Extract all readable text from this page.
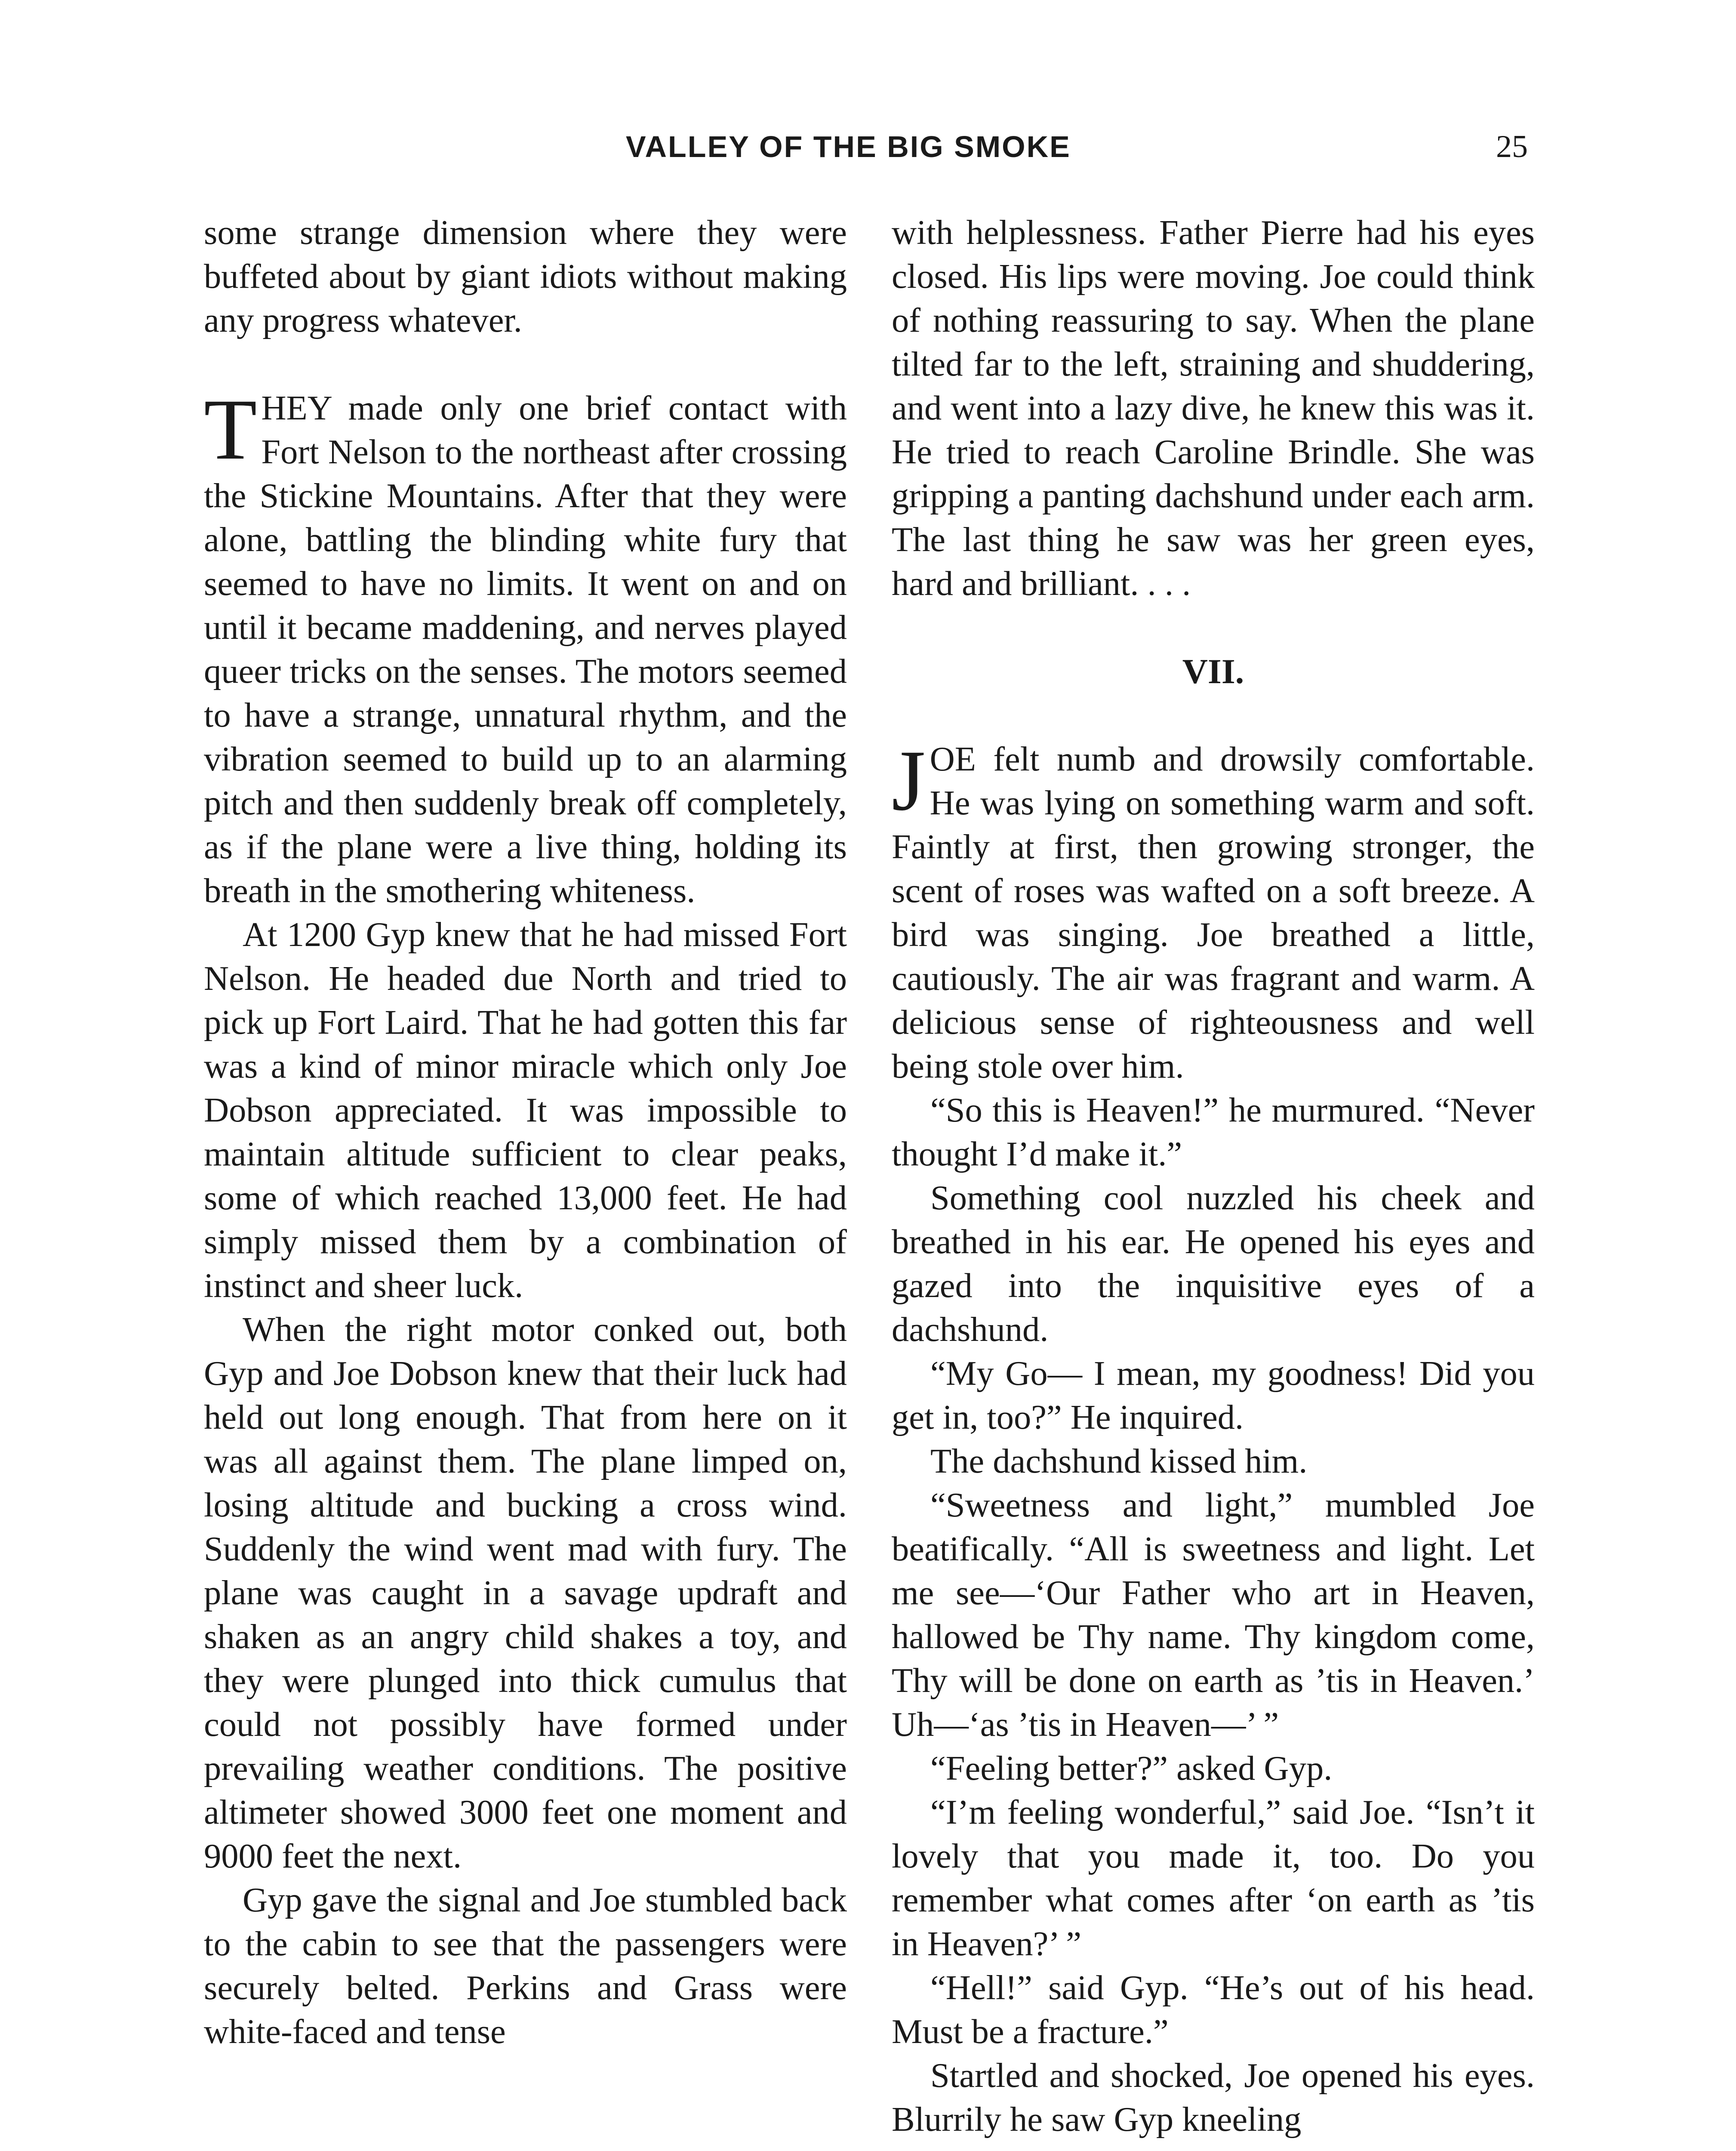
VALLEY OF THE BIG SMOKE	25

some strange dimension where they were buffeted about by giant idiots without making any progress whatever.

THEY made only one brief contact with Fort Nelson to the northeast after crossing the Stickine Mountains. After that they were alone, battling the blinding white fury that seemed to have no limits. It went on and on until it became maddening, and nerves played queer tricks on the senses. The motors seemed to have a strange, unnatural rhythm, and the vibration seemed to build up to an alarming pitch and then suddenly break off completely, as if the plane were a live thing, holding its breath in the smothering whiteness.

At 1200 Gyp knew that he had missed Fort Nelson. He headed due North and tried to pick up Fort Laird. That he had gotten this far was a kind of minor miracle which only Joe Dobson appreciated. It was impossible to maintain altitude sufficient to clear peaks, some of which reached 13,000 feet. He had simply missed them by a combination of instinct and sheer luck.

When the right motor conked out, both Gyp and Joe Dobson knew that their luck had held out long enough. That from here on it was all against them. The plane limped on, losing altitude and bucking a cross wind. Suddenly the wind went mad with fury. The plane was caught in a savage updraft and shaken as an angry child shakes a toy, and they were plunged into thick cumulus that could not possibly have formed under prevailing weather conditions. The positive altimeter showed 3000 feet one moment and 9000 feet the next.

Gyp gave the signal and Joe stumbled back to the cabin to see that the passengers were securely belted. Perkins and Grass were white-faced and tense

with helplessness. Father Pierre had his eyes closed. His lips were moving. Joe could think of nothing reassuring to say. When the plane tilted far to the left, straining and shuddering, and went into a lazy dive, he knew this was it. He tried to reach Caroline Brindle. She was gripping a panting dachshund under each arm. The last thing he saw was her green eyes, hard and brilliant. . . .

VII.

JOE felt numb and drowsily comfortable. He was lying on something warm and soft. Faintly at first, then growing stronger, the scent of roses was wafted on a soft breeze. A bird was singing. Joe breathed a little, cautiously. The air was fragrant and warm. A delicious sense of righteousness and well being stole over him.

“So this is Heaven!” he murmured. “Never thought I’d make it.”

Something cool nuzzled his cheek and breathed in his ear. He opened his eyes and gazed into the inquisitive eyes of a dachshund.

“My Go— I mean, my goodness! Did you get in, too?” He inquired.

The dachshund kissed him.

“Sweetness and light,” mumbled Joe beatifically. “All is sweetness and light. Let me see—‘Our Father who art in Heaven, hallowed be Thy name. Thy kingdom come, Thy will be done on earth as ’tis in Heaven.’ Uh—‘as ’tis in Heaven—’ ”

“Feeling better?” asked Gyp.

“I’m feeling wonderful,” said Joe. “Isn’t it lovely that you made it, too. Do you remember what comes after ‘on earth as ’tis in Heaven?’ ”

“Hell!” said Gyp. “He’s out of his head. Must be a fracture.”

Startled and shocked, Joe opened his eyes. Blurrily he saw Gyp kneeling
